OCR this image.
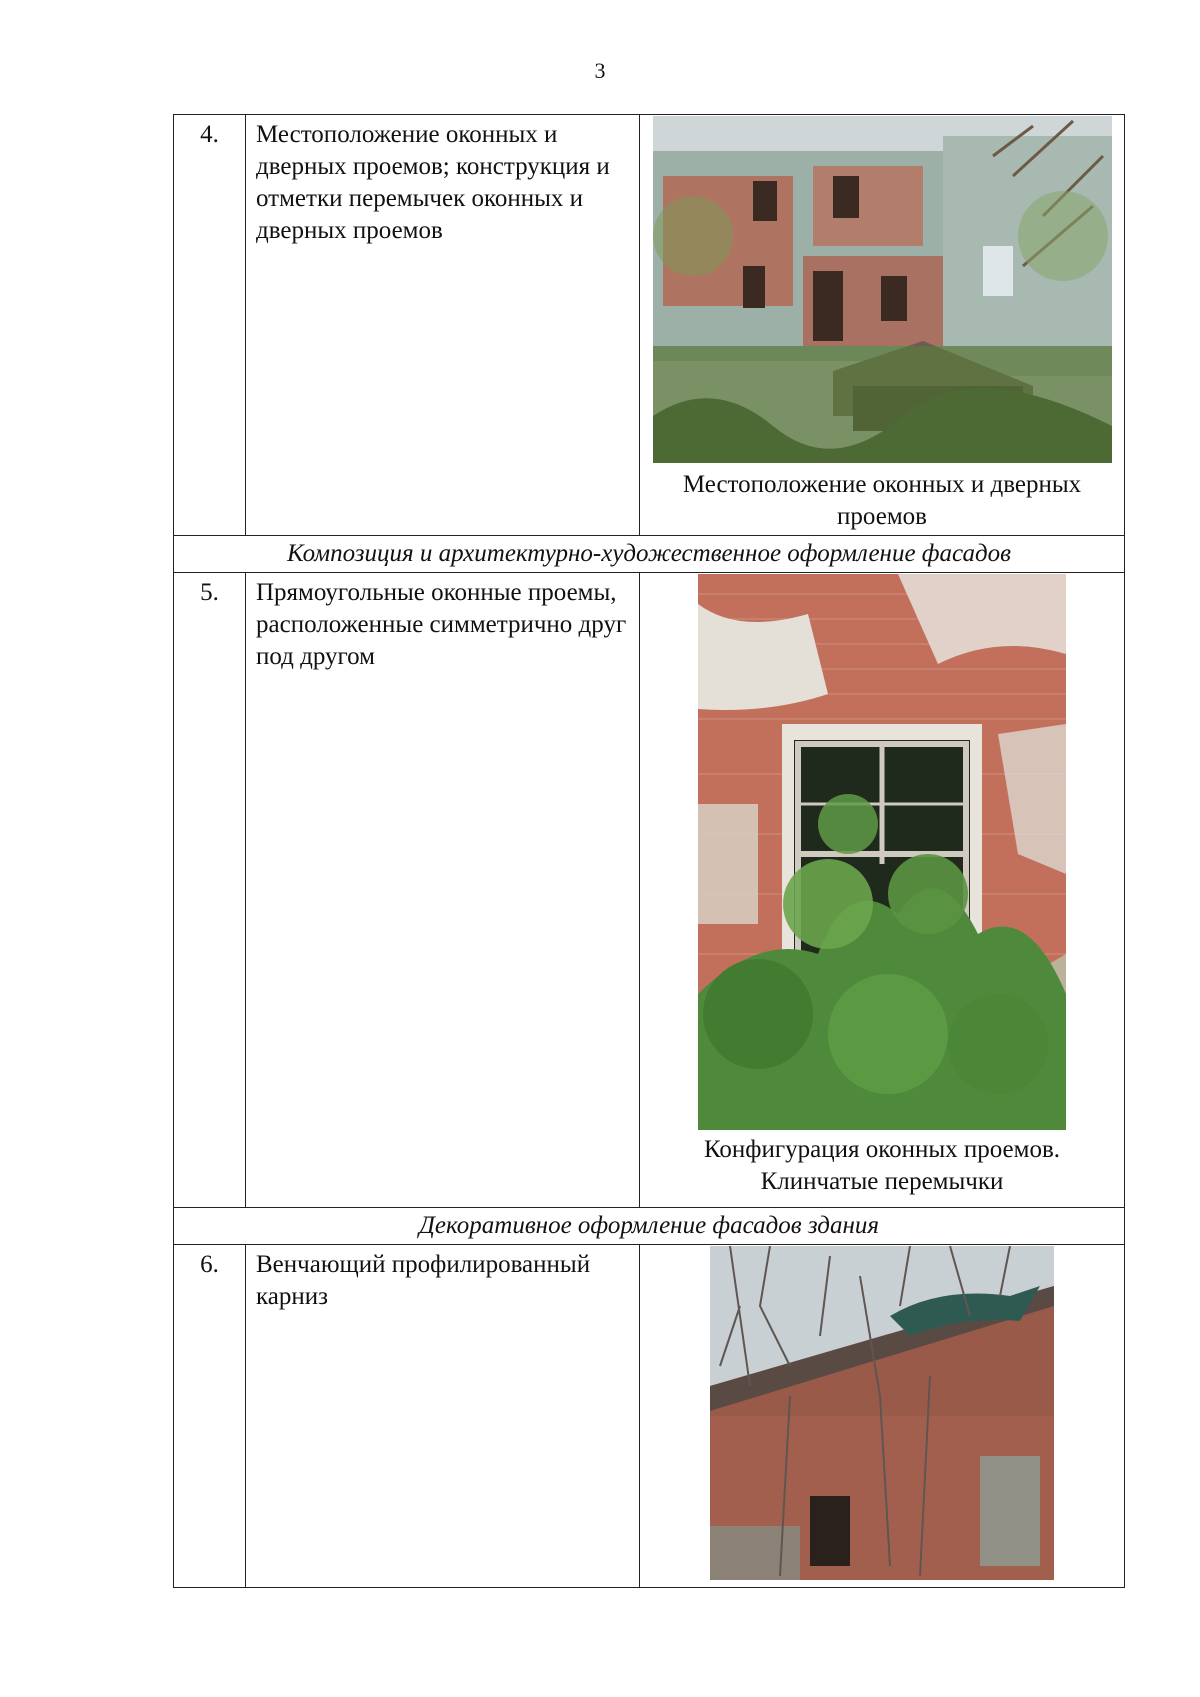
3
4.	Местоположение оконных и дверных проемов; конструкция и отметки перемычек оконных и дверных проемов	Местоположение оконных и дверных проемов

Композиция и архитектурно-художественное оформление фасадов		
5.	Прямоугольные оконные проемы, расположенные симметрично друг под другом	Конфигурация оконных проемов. Клинчатые перемычки

Декоративное оформление фасадов здания		
6.	Венчающий профилированный карниз	
